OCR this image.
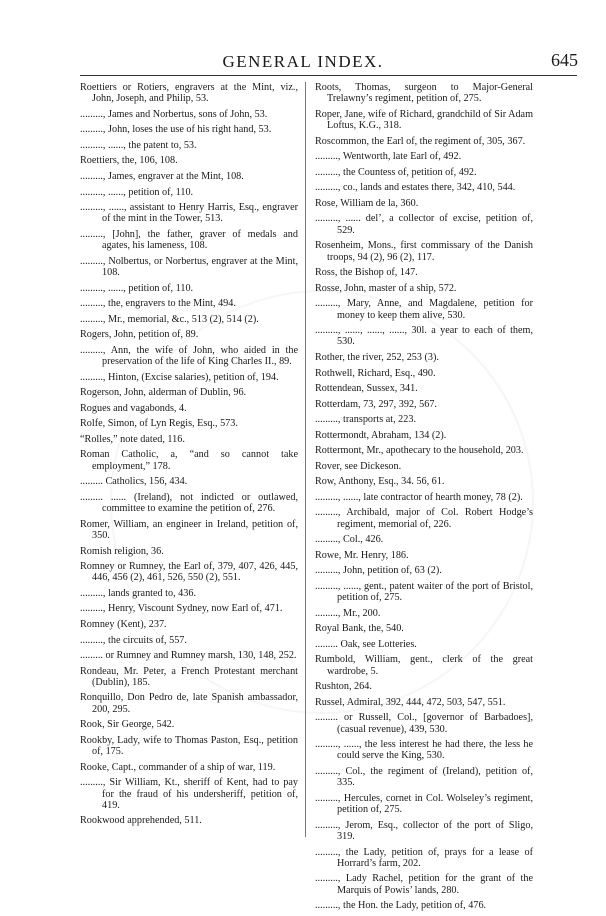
GENERAL INDEX.	645
Roettiers or Rotiers, engravers at the Mint, viz., John, Joseph, and Philip, 53.
........., James and Norbertus, sons of John, 53.
........., John, loses the use of his right hand, 53.
........., ......, the patent to, 53.
Roettiers, the, 106, 108.
........., James, engraver at the Mint, 108.
........., ......, petition of, 110.
........., ......, assistant to Henry Harris, Esq., engraver of the mint in the Tower, 513.
........., [John], the father, graver of medals and agates, his lameness, 108.
........., Nolbertus, or Norbertus, engraver at the Mint, 108.
........., ......, petition of, 110.
........., the, engravers to the Mint, 494.
........., Mr., memorial, &c., 513 (2), 514 (2).
Rogers, John, petition of, 89.
........., Ann, the wife of John, who aided in the preservation of the life of King Charles II., 89.
........., Hinton, (Excise salaries), petition of, 194.
Rogerson, John, alderman of Dublin, 96.
Rogues and vagabonds, 4.
Rolfe, Simon, of Lyn Regis, Esq., 573.
“Rolles,” note dated, 116.
Roman Catholic, a, “and so cannot take employment,” 178.
......... Catholics, 156, 434.
......... ...... (Ireland), not indicted or outlawed, committee to examine the petition of, 276.
Romer, William, an engineer in Ireland, petition of, 350.
Romish religion, 36.
Romney or Rumney, the Earl of, 379, 407, 426, 445, 446, 456 (2), 461, 526, 550 (2), 551.
........., lands granted to, 436.
........., Henry, Viscount Sydney, now Earl of, 471.
Romney (Kent), 237.
........., the circuits of, 557.
......... or Rumney and Rumney marsh, 130, 148, 252.
Rondeau, Mr. Peter, a French Protestant merchant (Dublin), 185.
Ronquillo, Don Pedro de, late Spanish ambassador, 200, 295.
Rook, Sir George, 542.
Rookby, Lady, wife to Thomas Paston, Esq., petition of, 175.
Rooke, Capt., commander of a ship of war, 119.
........., Sir William, Kt., sheriff of Kent, had to pay for the fraud of his undersheriff, petition of, 419.
Rookwood apprehended, 511.
Roots, Thomas, surgeon to Major-General Trelawny’s regiment, petition of, 275.
Roper, Jane, wife of Richard, grandchild of Sir Adam Loftus, K.G., 318.
Roscommon, the Earl of, the regiment of, 305, 367.
........., Wentworth, late Earl of, 492.
........., the Countess of, petition of, 492.
........., co., lands and estates there, 342, 410, 544.
Rose, William de la, 360.
........., ...... del’, a collector of excise, petition of, 529.
Rosenheim, Mons., first commissary of the Danish troops, 94 (2), 96 (2), 117.
Ross, the Bishop of, 147.
Rosse, John, master of a ship, 572.
........., Mary, Anne, and Magdalene, petition for money to keep them alive, 530.
........., ......, ......, ......, 30l. a year to each of them, 530.
Rother, the river, 252, 253 (3).
Rothwell, Richard, Esq., 490.
Rottendean, Sussex, 341.
Rotterdam, 73, 297, 392, 567.
........., transports at, 223.
Rottermondt, Abraham, 134 (2).
Rottermont, Mr., apothecary to the household, 203.
Rover, see Dickeson.
Row, Anthony, Esq., 34. 56, 61.
........., ......, late contractor of hearth money, 78 (2).
........., Archibald, major of Col. Robert Hodge’s regiment, memorial of, 226.
........., Col., 426.
Rowe, Mr. Henry, 186.
........., John, petition of, 63 (2).
........., ......, gent., patent waiter of the port of Bristol, petition of, 275.
........., Mr., 200.
Royal Bank, the, 540.
......... Oak, see Lotteries.
Rumbold, William, gent., clerk of the great wardrobe, 5.
Rushton, 264.
Russel, Admiral, 392, 444, 472, 503, 547, 551.
......... or Russell, Col., [governor of Barbadoes], (casual revenue), 439, 530.
........., ......, the less interest he had there, the less he could serve the King, 530.
........., Col., the regiment of (Ireland), petition of, 335.
........., Hercules, cornet in Col. Wolseley’s regiment, petition of, 275.
........., Jerom, Esq., collector of the port of Sligo, 319.
........., the Lady, petition of, prays for a lease of Horrard’s farm, 202.
........., Lady Rachel, petition for the grant of the Marquis of Powis’ lands, 280.
........., the Hon. the Lady, petition of, 476.
